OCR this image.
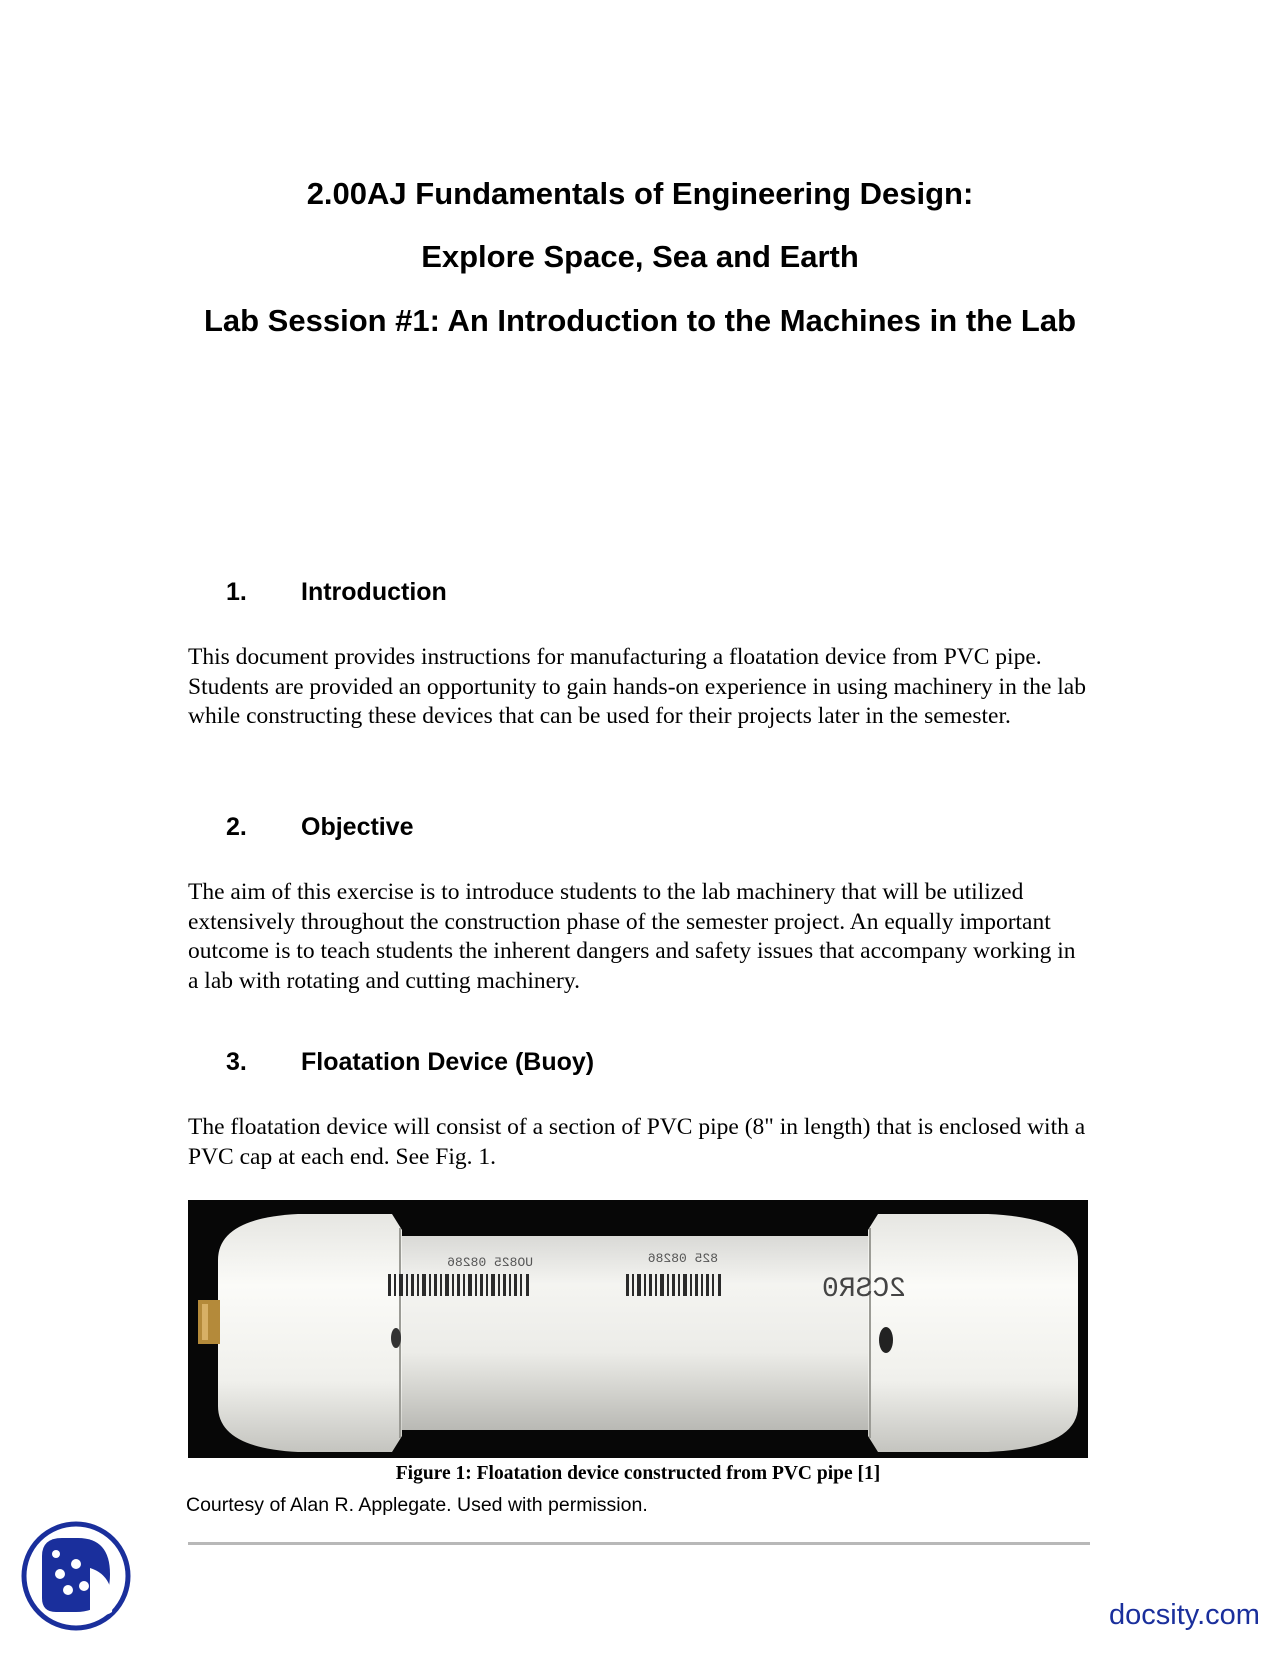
2.00AJ Fundamentals of Engineering Design:
Explore Space, Sea and Earth
Lab Session #1: An Introduction to the Machines in the Lab
1. Introduction
This document provides instructions for manufacturing a floatation device from PVC pipe. Students are provided an opportunity to gain hands-on experience in using machinery in the lab while constructing these devices that can be used for their projects later in the semester.
2. Objective
The aim of this exercise is to introduce students to the lab machinery that will be utilized extensively throughout the construction phase of the semester project. An equally important outcome is to teach students the inherent dangers and safety issues that accompany working in a lab with rotating and cutting machinery.
3. Floatation Device (Buoy)
The floatation device will consist of a section of PVC pipe (8" in length) that is enclosed with a PVC cap at each end. See Fig. 1.
UO825 08286	825 08286
2CSR0
Figure 1: Floatation device constructed from PVC pipe [1]
Courtesy of Alan R. Applegate. Used with permission.
docsity.com
